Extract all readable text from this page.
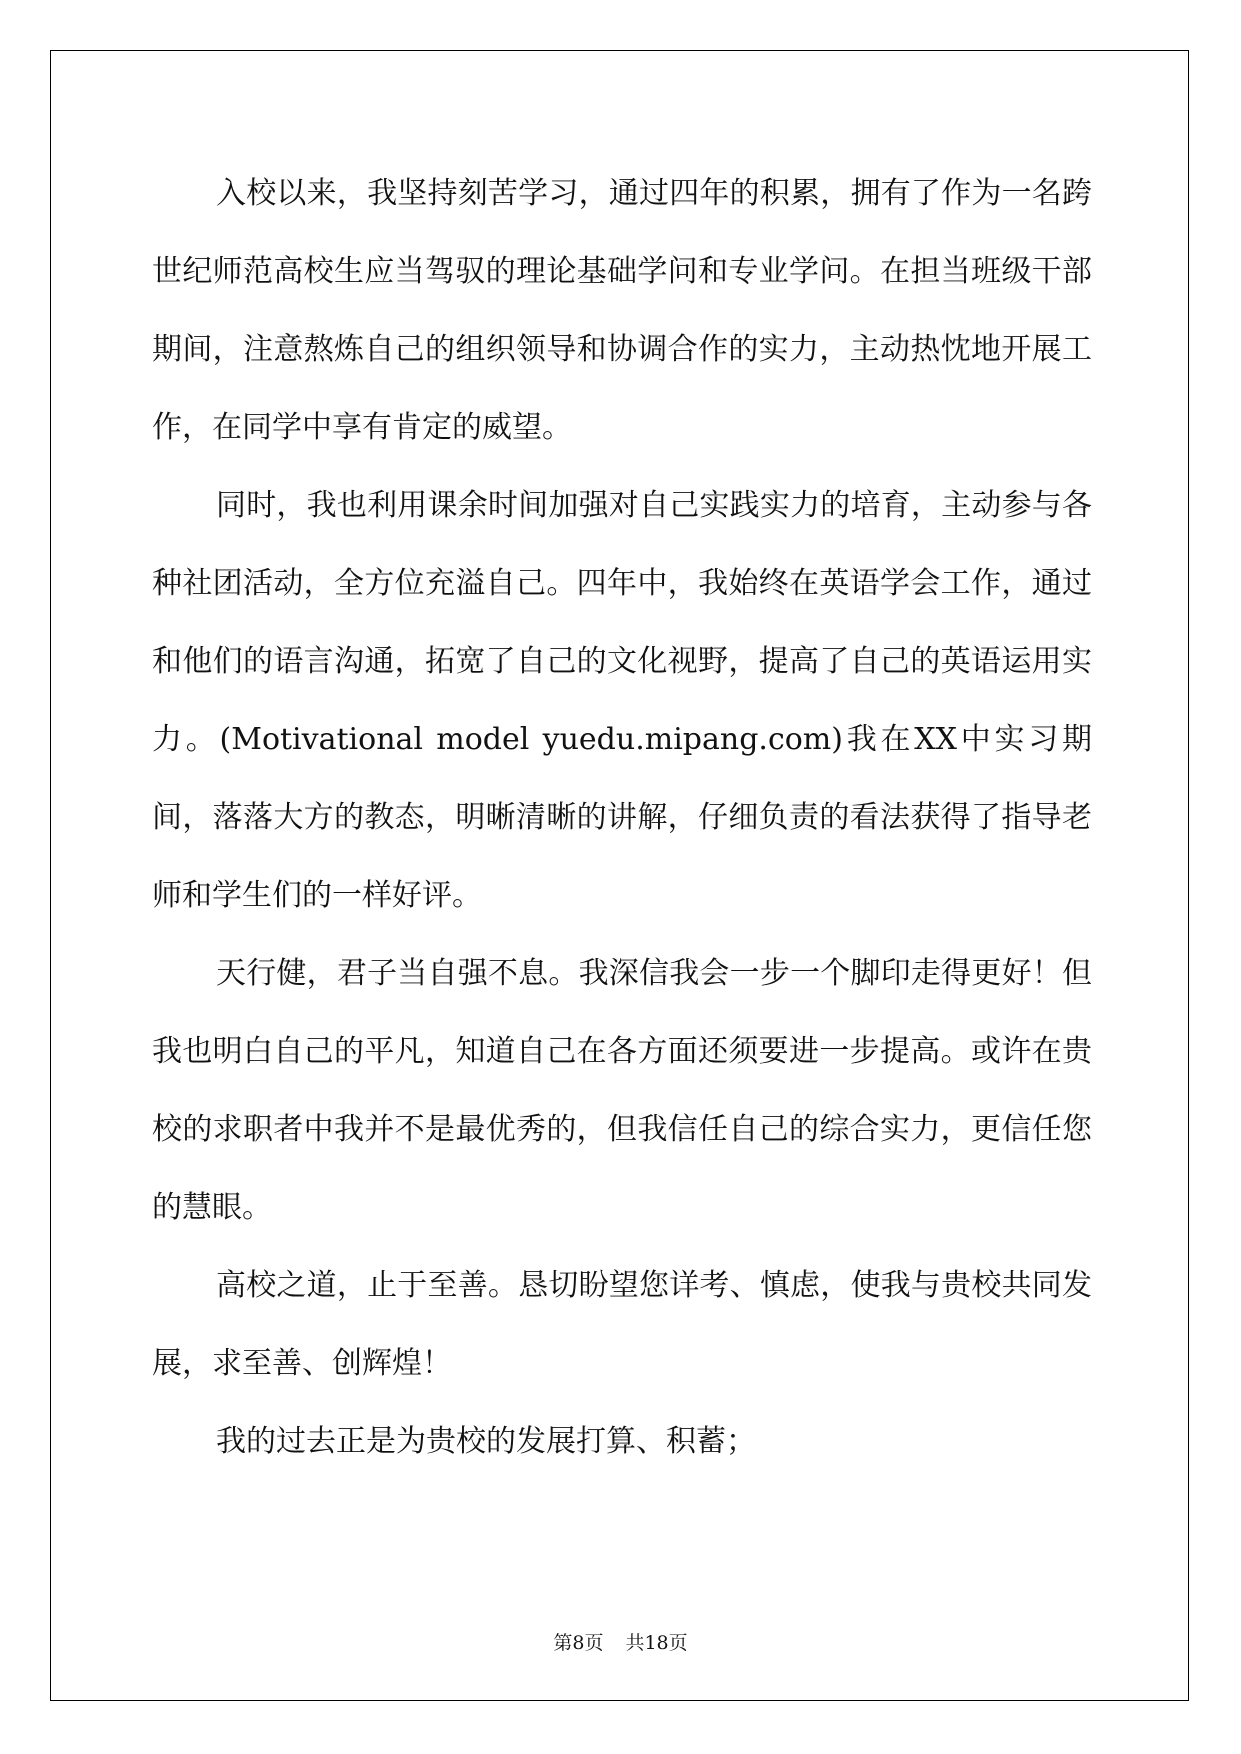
入校以来，我坚持刻苦学习，通过四年的积累，拥有了作为一名跨世纪师范高校生应当驾驭的理论基础学问和专业学问。在担当班级干部期间，注意熬炼自己的组织领导和协调合作的实力，主动热忱地开展工作，在同学中享有肯定的威望。

同时，我也利用课余时间加强对自己实践实力的培育，主动参与各种社团活动，全方位充溢自己。四年中，我始终在英语学会工作，通过和他们的语言沟通，拓宽了自己的文化视野，提高了自己的英语运用实力。(Motivational model yuedu.mipang.com)我在XX中实习期间，落落大方的教态，明晰清晰的讲解，仔细负责的看法获得了指导老师和学生们的一样好评。

天行健，君子当自强不息。我深信我会一步一个脚印走得更好！但我也明白自己的平凡，知道自己在各方面还须要进一步提高。或许在贵校的求职者中我并不是最优秀的，但我信任自己的综合实力，更信任您的慧眼。

高校之道，止于至善。恳切盼望您详考、慎虑，使我与贵校共同发展，求至善、创辉煌！

我的过去正是为贵校的发展打算、积蓄；

第8页 共18页
